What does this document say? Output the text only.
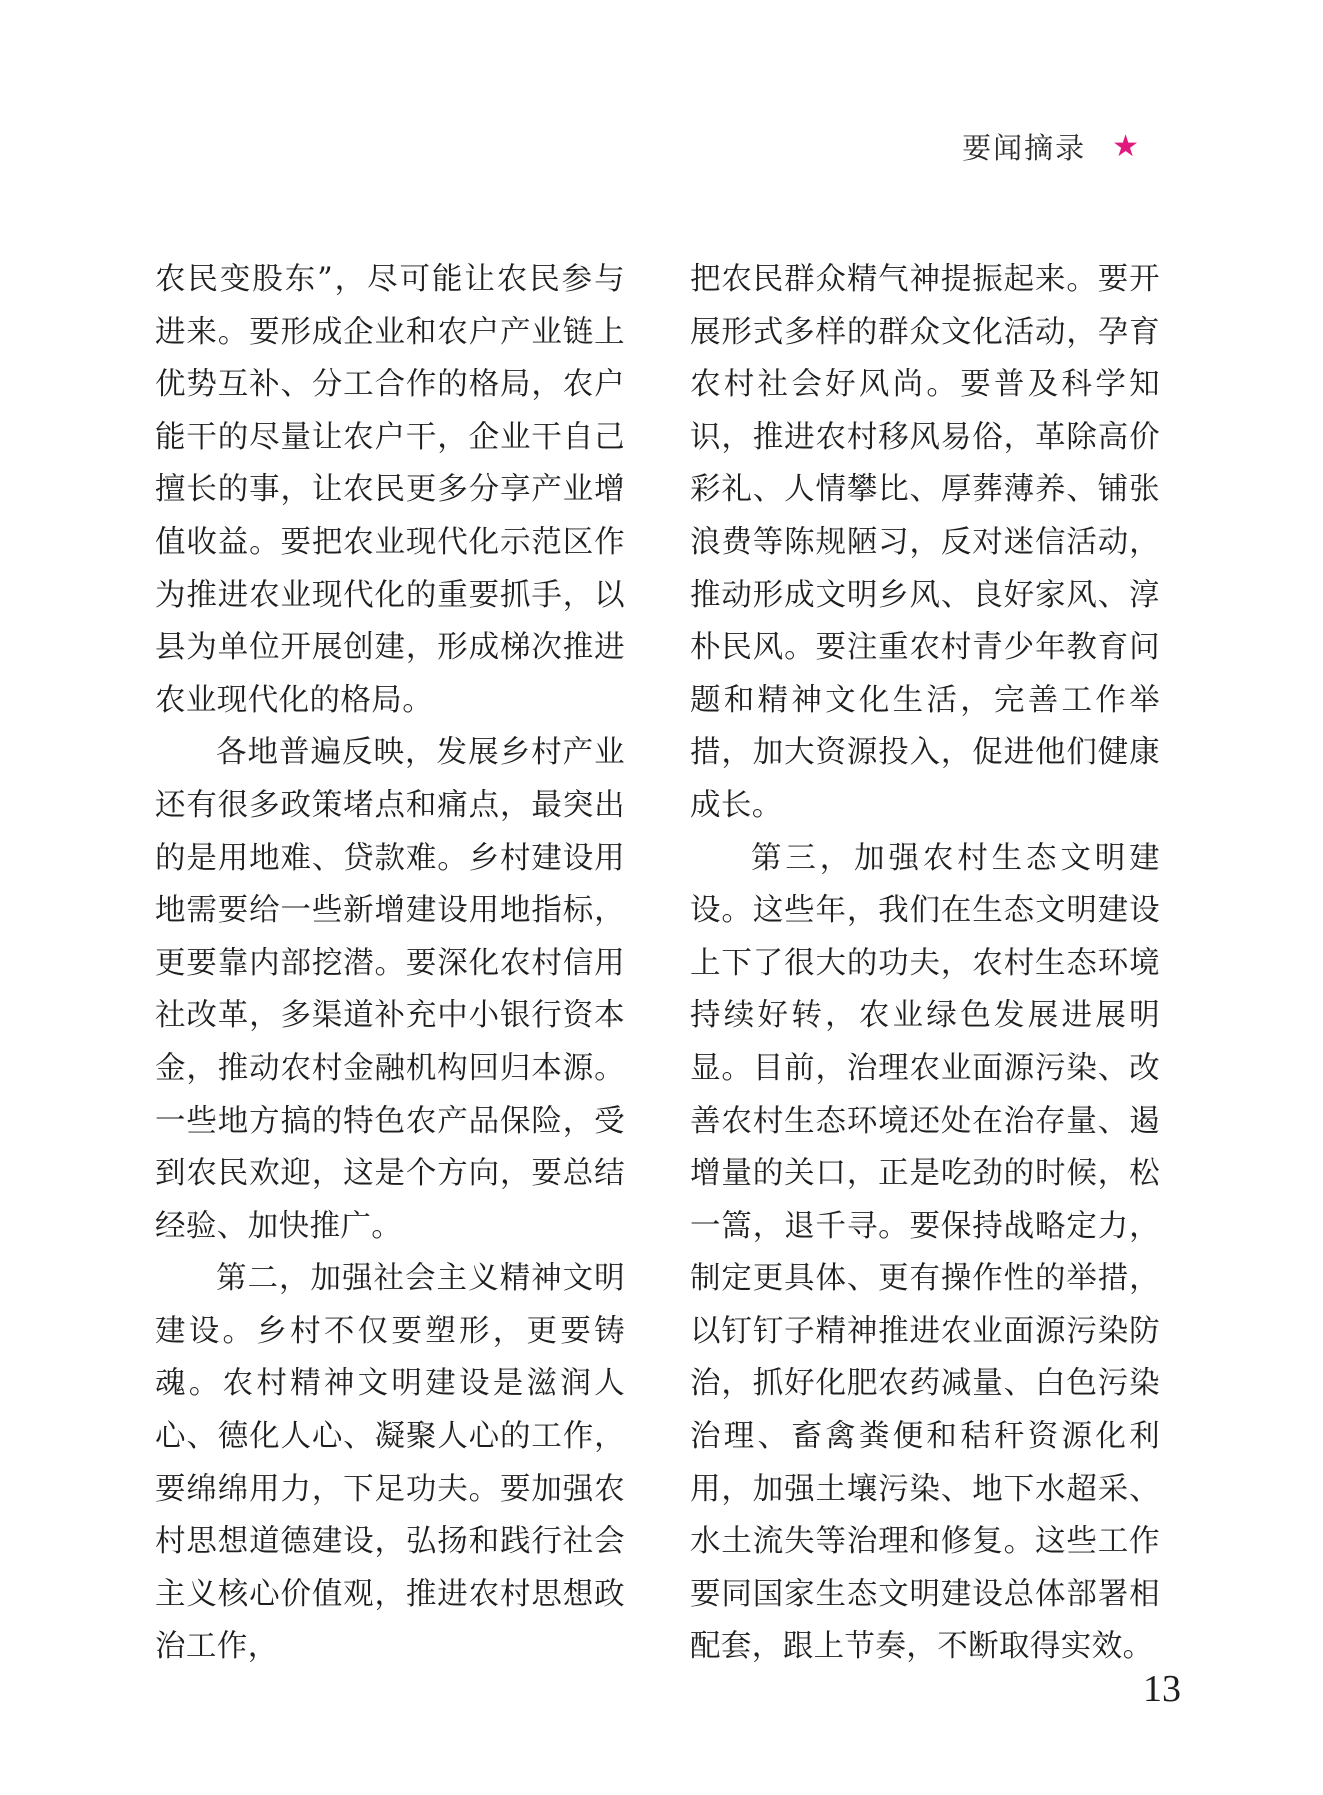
要闻摘录 ★

农民变股东”，尽可能让农民参与进来。要形成企业和农户产业链上优势互补、分工合作的格局，农户能干的尽量让农户干，企业干自己擅长的事，让农民更多分享产业增值收益。要把农业现代化示范区作为推进农业现代化的重要抓手，以县为单位开展创建，形成梯次推进农业现代化的格局。

各地普遍反映，发展乡村产业还有很多政策堵点和痛点，最突出的是用地难、贷款难。乡村建设用地需要给一些新增建设用地指标，更要靠内部挖潜。要深化农村信用社改革，多渠道补充中小银行资本金，推动农村金融机构回归本源。一些地方搞的特色农产品保险，受到农民欢迎，这是个方向，要总结经验、加快推广。

第二，加强社会主义精神文明建设。乡村不仅要塑形，更要铸魂。农村精神文明建设是滋润人心、德化人心、凝聚人心的工作，要绵绵用力，下足功夫。要加强农村思想道德建设，弘扬和践行社会主义核心价值观，推进农村思想政治工作，

把农民群众精气神提振起来。要开展形式多样的群众文化活动，孕育农村社会好风尚。要普及科学知识，推进农村移风易俗，革除高价彩礼、人情攀比、厚葬薄养、铺张浪费等陈规陋习，反对迷信活动，推动形成文明乡风、良好家风、淳朴民风。要注重农村青少年教育问题和精神文化生活，完善工作举措，加大资源投入，促进他们健康成长。

第三，加强农村生态文明建设。这些年，我们在生态文明建设上下了很大的功夫，农村生态环境持续好转，农业绿色发展进展明显。目前，治理农业面源污染、改善农村生态环境还处在治存量、遏增量的关口，正是吃劲的时候，松一篙，退千寻。要保持战略定力，制定更具体、更有操作性的举措，以钉钉子精神推进农业面源污染防治，抓好化肥农药减量、白色污染治理、畜禽粪便和秸秆资源化利用，加强土壤污染、地下水超采、水土流失等治理和修复。这些工作要同国家生态文明建设总体部署相配套，跟上节奏，不断取得实效。

13
